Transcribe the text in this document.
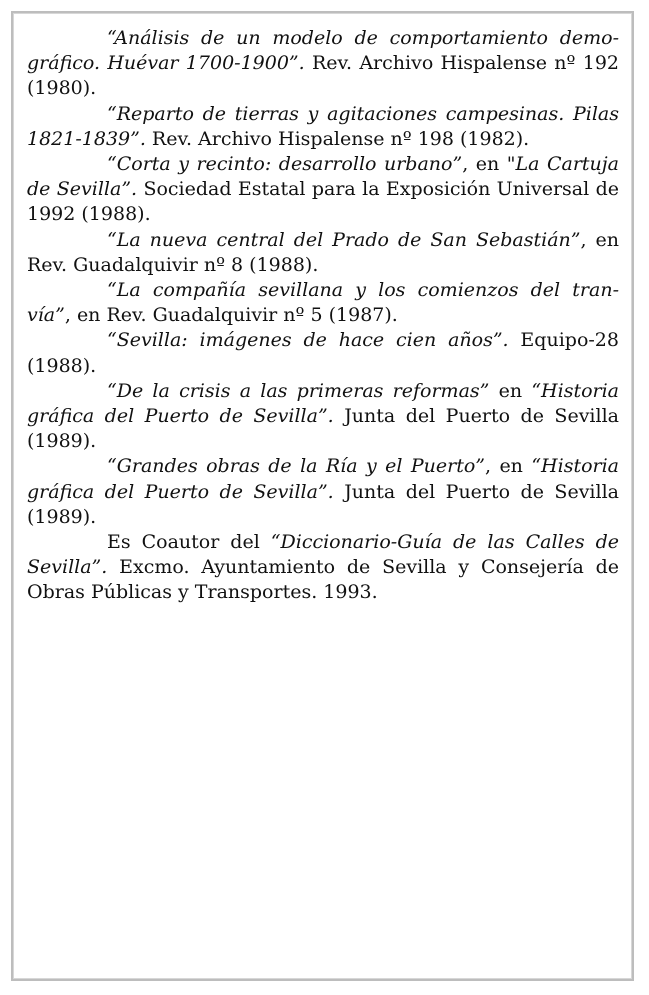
“Análisis de un modelo de comportamiento demo-gráfico. Huévar 1700-1900”. Rev. Archivo Hispalense nº 192 (1980).

“Reparto de tierras y agitaciones campesinas. Pilas 1821-1839”. Rev. Archivo Hispalense nº 198 (1982).

“Corta y recinto: desarrollo urbano”, en "La Cartuja de Sevilla”. Sociedad Estatal para la Exposición Universal de 1992 (1988).

“La nueva central del Prado de San Sebastián”, en Rev. Guadalquivir nº 8 (1988).

“La compañía sevillana y los comienzos del tran-vía”, en Rev. Guadalquivir nº 5 (1987).

“Sevilla: imágenes de hace cien años”. Equipo-28 (1988).

“De la crisis a las primeras reformas” en “Historia gráfica del Puerto de Sevilla”. Junta del Puerto de Sevilla (1989).

“Grandes obras de la Ría y el Puerto”, en “Historia gráfica del Puerto de Sevilla”. Junta del Puerto de Sevilla (1989).

Es Coautor del “Diccionario-Guía de las Calles de Sevilla”. Excmo. Ayuntamiento de Sevilla y Consejería de Obras Públicas y Transportes. 1993.
